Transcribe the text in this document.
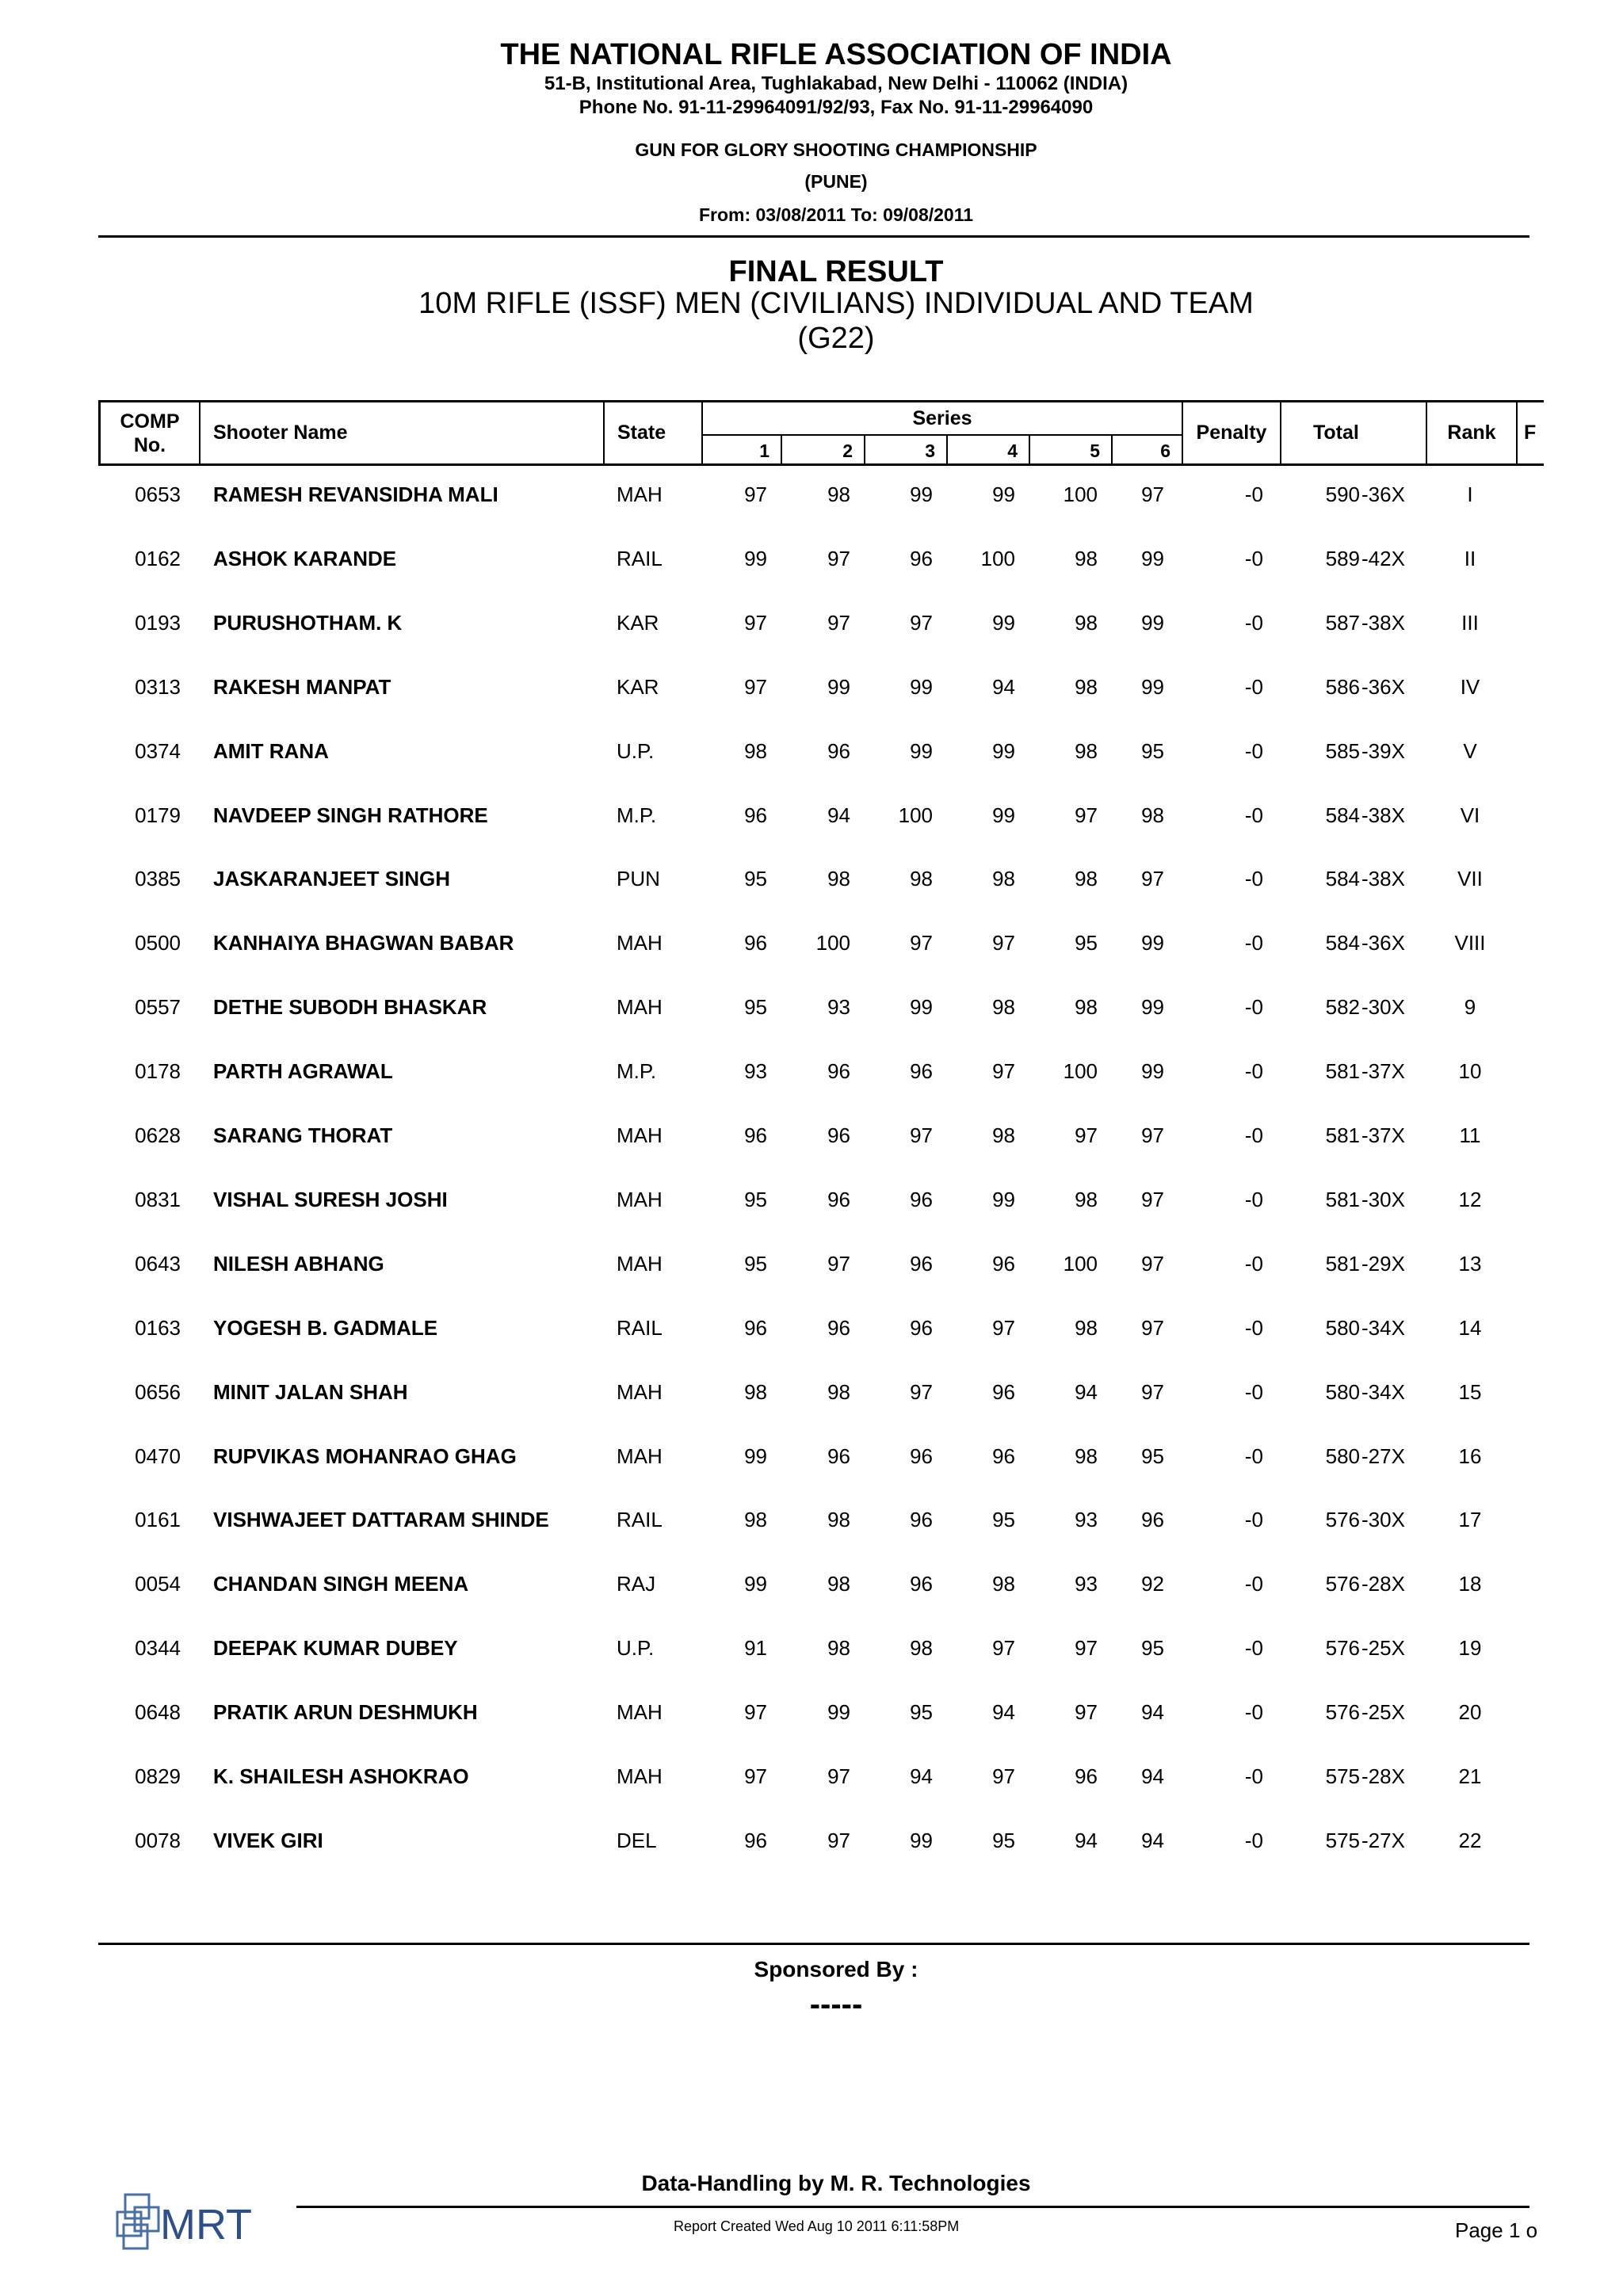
THE NATIONAL RIFLE ASSOCIATION OF INDIA
51-B, Institutional Area, Tughlakabad, New Delhi - 110062 (INDIA)
Phone No. 91-11-29964091/92/93, Fax No. 91-11-29964090
GUN FOR GLORY SHOOTING CHAMPIONSHIP
(PUNE)
From: 03/08/2011 To: 09/08/2011
FINAL RESULT
10M RIFLE (ISSF) MEN (CIVILIANS) INDIVIDUAL AND TEAM
(G22)
COMP
No.
Shooter Name	State
Series
1	2	3	4	5	6
Penalty	Total	Rank	F
0653 RAMESH REVANSIDHA MALI	MAH	97	98	99	99	100	97	-0	590 -36X	I
0162 ASHOK KARANDE	RAIL	99	97	96	100	98	99	-0	589 -42X	II
0193 PURUSHOTHAM. K	KAR	97	97	97	99	98	99	-0	587 -38X	III
0313 RAKESH MANPAT	KAR	97	99	99	94	98	99	-0	586 -36X	IV
0374 AMIT RANA	U.P.	98	96	99	99	98	95	-0	585 -39X	V
0179 NAVDEEP SINGH RATHORE	M.P.	96	94	100	99	97	98	-0	584 -38X	VI
0385 JASKARANJEET SINGH	PUN	95	98	98	98	98	97	-0	584 -38X	VII
0500 KANHAIYA BHAGWAN BABAR	MAH	96	100	97	97	95	99	-0	584 -36X	VIII
0557 DETHE SUBODH BHASKAR	MAH	95	93	99	98	98	99	-0	582 -30X	9
0178 PARTH AGRAWAL	M.P.	93	96	96	97	100	99	-0	581 -37X	10
0628 SARANG THORAT	MAH	96	96	97	98	97	97	-0	581 -37X	11
0831 VISHAL SURESH JOSHI	MAH	95	96	96	99	98	97	-0	581 -30X	12
0643 NILESH ABHANG	MAH	95	97	96	96	100	97	-0	581 -29X	13
0163 YOGESH B. GADMALE	RAIL	96	96	96	97	98	97	-0	580 -34X	14
0656 MINIT JALAN SHAH	MAH	98	98	97	96	94	97	-0	580 -34X	15
0470 RUPVIKAS MOHANRAO GHAG	MAH	99	96	96	96	98	95	-0	580 -27X	16
0161 VISHWAJEET DATTARAM SHINDE	RAIL	98	98	96	95	93	96	-0	576 -30X	17
0054 CHANDAN SINGH MEENA	RAJ	99	98	96	98	93	92	-0	576 -28X	18
0344 DEEPAK KUMAR DUBEY	U.P.	91	98	98	97	97	95	-0	576 -25X	19
0648 PRATIK ARUN DESHMUKH	MAH	97	99	95	94	97	94	-0	576 -25X	20
0829 K. SHAILESH ASHOKRAO	MAH	97	97	94	97	96	94	-0	575 -28X	21
0078 VIVEK GIRI	DEL	96	97	99	95	94	94	-0	575 -27X	22
Sponsored By :
-----
Data-Handling by M. R. Technologies
MRT	Report Created Wed Aug 10 2011 6:11:58PM	Page 1 o
